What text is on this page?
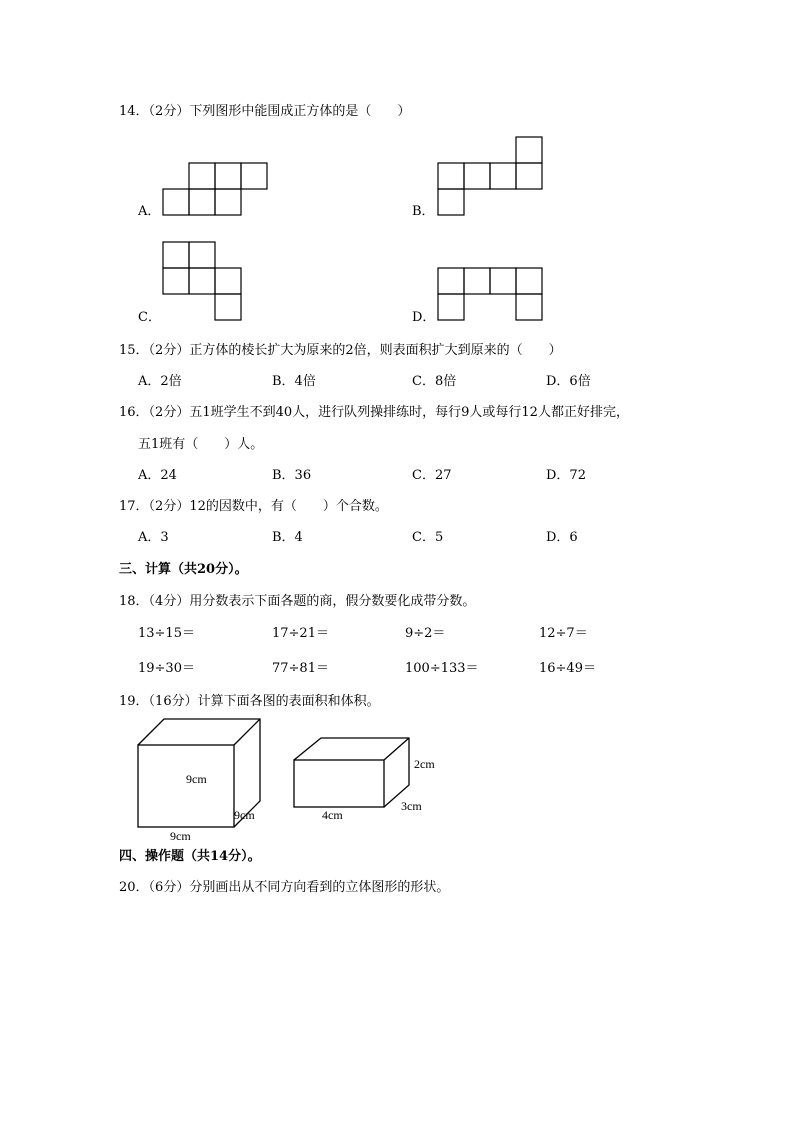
14．（2分）下列图形中能围成正方体的是（　　）
A．	B．
C．	D．
15．（2分）正方体的棱长扩大为原来的2倍，则表面积扩大到原来的（　　）
A．2倍	B．4倍	C．8倍	D．6倍
16．（2分）五1班学生不到40人，进行队列操排练时，每行9人或每行12人都正好排完，
五1班有（　　）人。
A．24	B．36	C．27	D．72
17．（2分）12的因数中，有（　　）个合数。
A．3	B．4	C．5	D．6
三、计算（共20分）。
18．（4分）用分数表示下面各题的商，假分数要化成带分数。
13÷15＝	17÷21＝	9÷2＝	12÷7＝
19÷30＝	77÷81＝	100÷133＝	16÷49＝
19．（16分）计算下面各图的表面积和体积。
9cm
9cm
9cm
2cm
3cm
4cm
四、操作题（共14分）。
20．（6分）分别画出从不同方向看到的立体图形的形状。
